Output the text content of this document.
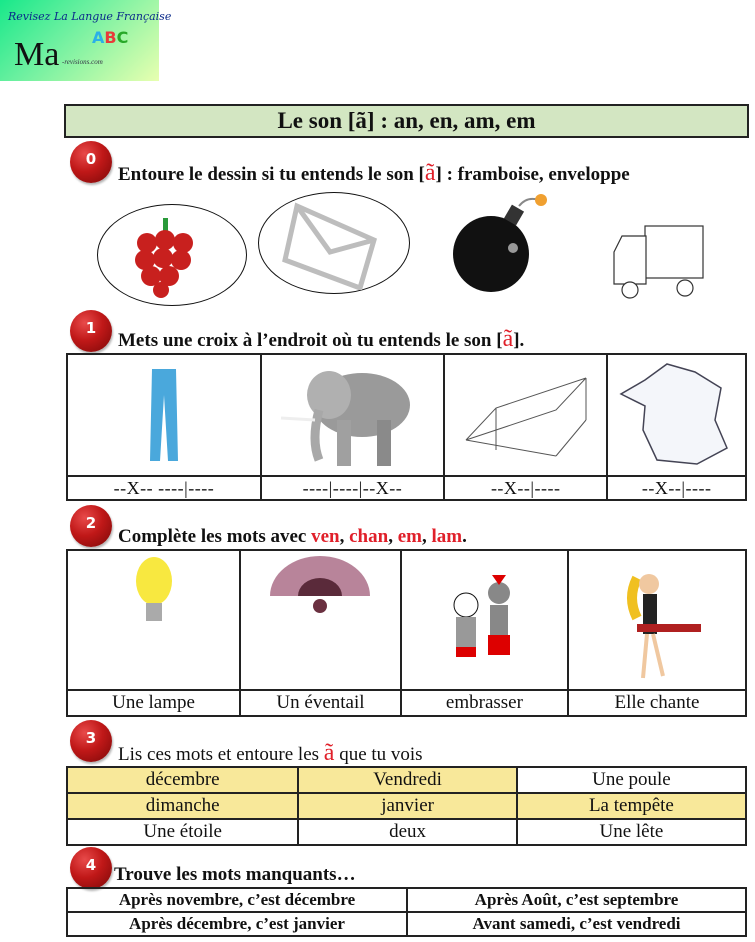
Revisez La Langue Française
Ma ABC
-revisions.com
Le son [ã] : an, en, am, em
0
Entoure le dessin si tu entends le son [ã] : framboise, enveloppe
1
Mets une croix à l’endroit où tu entends le son [ã].

--X-- ----|----	----|----|--X--	--X--|----	--X--|----
2
Complète les mots avec ven, chan, em, lam.

Une lampe	Un éventail	embrasser	Elle chante
3
Lis ces mots et entoure les ã que tu vois
décembre	Vendredi	Une poule
dimanche	janvier	La tempête
Une étoile	deux	Une lête
4 Trouve les mots manquants…
Après novembre, c’est décembre	Après Août, c’est septembre
Après décembre, c’est janvier	Avant samedi, c’est vendredi
